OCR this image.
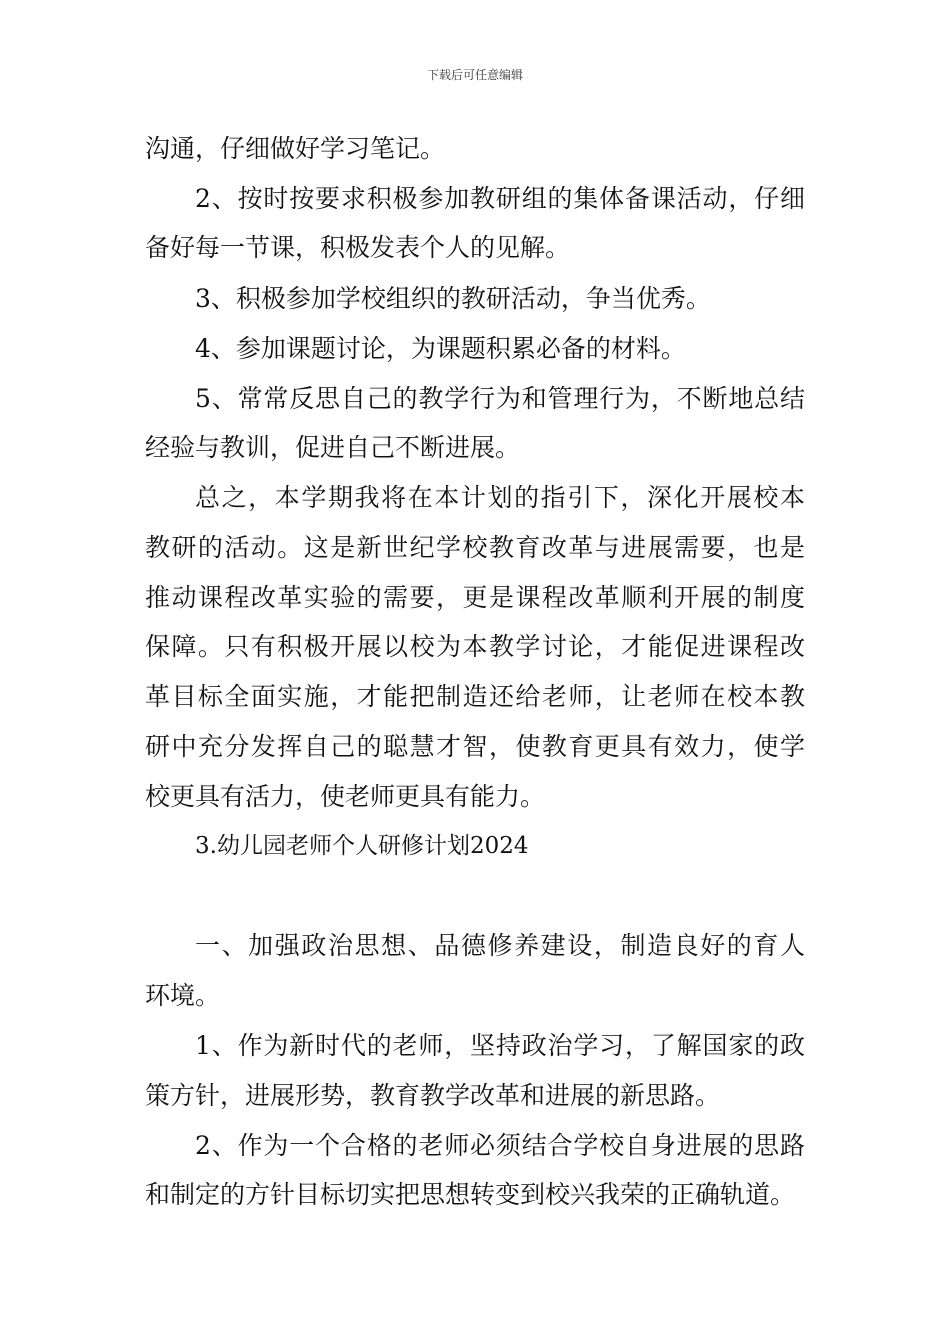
下载后可任意编辑
沟通，仔细做好学习笔记。
2、按时按要求积极参加教研组的集体备课活动，仔细
备好每一节课，积极发表个人的见解。
3、积极参加学校组织的教研活动，争当优秀。
4、参加课题讨论，为课题积累必备的材料。
5、常常反思自己的教学行为和管理行为，不断地总结
经验与教训，促进自己不断进展。
总之，本学期我将在本计划的指引下，深化开展校本
教研的活动。这是新世纪学校教育改革与进展需要，也是
推动课程改革实验的需要，更是课程改革顺利开展的制度
保障。只有积极开展以校为本教学讨论，才能促进课程改
革目标全面实施，才能把制造还给老师，让老师在校本教
研中充分发挥自己的聪慧才智，使教育更具有效力，使学
校更具有活力，使老师更具有能力。
3.幼儿园老师个人研修计划2024
一、加强政治思想、品德修养建设，制造良好的育人
环境。
1、作为新时代的老师，坚持政治学习，了解国家的政
策方针，进展形势，教育教学改革和进展的新思路。
2、作为一个合格的老师必须结合学校自身进展的思路
和制定的方针目标切实把思想转变到校兴我荣的正确轨道。
